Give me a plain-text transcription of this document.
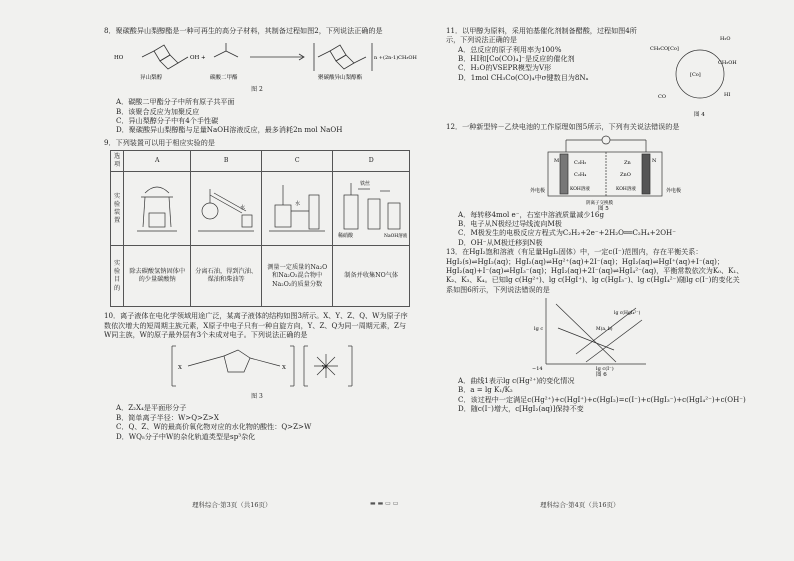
8．聚碳酸异山梨醇酯是一种可再生的高分子材料，其制备过程如图2，下列说法正确的是

HO	OH +	n +(2n-1)CH₃OH
异山梨醇	碳酸二甲酯	聚碳酸异山梨醇酯
图 2

A．碳酸二甲酯分子中所有原子共平面

B．该聚合反应为加聚反应

C．异山梨醇分子中有4个手性碳

D．聚碳酸异山梨醇酯与足量NaOH溶液反应，最多消耗2n mol NaOH

9．下列装置可以用于相应实验的是

选项	A	B	C	D
实验装置		水	水	铁丝
稀硝酸 NaOH溶液

实验目的	除去碳酸氢钠固体中的少量碳酸钠	分离石油，得到汽油、煤油和柴油等	测量一定质量的Na₂O和Na₂O₂混合物中Na₂O₂的质量分数	制备并收集NO气体

10．离子液体在电化学领域用途广泛，某离子液体的结构如图3所示。X、Y、Z、Q、W为原子序数依次增大的短周期主族元素，X原子中电子只有一种自旋方向，Y、Z、Q为同一周期元素，Z与W同主族，W的原子最外层有3个未成对电子。下列说法正确的是

X	X	W
图 3

A．Z₂X₄是平面形分子

B．简单离子半径：W>Q>Z>X

C．Q、Z、W的最高价氧化物对应的水化物的酸性：Q>Z>W

D．WQ₅分子中W的杂化轨道类型是sp³杂化

理科综合·第3页（共16页）

11．以甲醇为原料，采用铂基催化剂制备醋酸，过程如图4所示，下列说法正确的是

A．总反应的原子利用率为100%

B．HI和[Co(CO)₄]⁻是反应的催化剂

C．H₂O的VSEPR模型为V形

D．1mol CH₃Co(CO)₄中σ键数目为8Nₐ

CH₃CO[Co]
H₂O
CH₃OH
[Co]
CO	HI
图 4

12．一种新型锌－乙炔电池的工作原理如图5所示，下列有关说法错误的是

外电极
M	C₂H₂
C₂H₄
KOH溶液
Zn	N
阴离子交换膜
ZnO
KOH溶液	外电极
图 5

A．每转移4mol e⁻，右室中溶液质量减少16g

B．电子从N极经过导线流向M极

C．M极发生的电极反应方程式为C₂H₂+2e⁻+2H₂O══C₂H₄+2OH⁻

D．OH⁻从M极迁移到N极

13．在HgI₂饱和溶液（有足量HgI₂固体）中，一定c(I⁻)范围内，存在平衡关系：HgI₂(s)⇌HgI₂(aq)；HgI₂(aq)⇌Hg²⁺(aq)+2I⁻(aq)；HgI₂(aq)⇌HgI⁺(aq)+I⁻(aq)；HgI₂(aq)+I⁻(aq)⇌HgI₃⁻(aq)；HgI₂(aq)+2I⁻(aq)⇌HgI₄²⁻(aq)，平衡常数依次为K₀、K₁、K₂、K₃、K₄。已知lg c(Hg²⁺)、lg c(HgI⁺)、lg c(HgI₃⁻)、lg c(HgI₄²⁻)随lg c(I⁻)的变化关系如图6所示，下列说法错误的是

lg c
lg c(I⁻)
−14
M(a, b)
lg c(HgI₄²⁻)
图 6

A．曲线1表示lg c(Hg²⁺)的变化情况

B．a = lg K₁/K₂

C．该过程中一定满足c(Hg²⁺)+c(HgI⁺)+c(HgI₂)=c(I⁻)+c(HgI₃⁻)+c(HgI₄²⁻)+c(OH⁻)

D．随c(I⁻)增大，c[HgI₂(aq)]保持不变

理科综合·第4页（共16页）
▬ ▬ ▭ ▭
